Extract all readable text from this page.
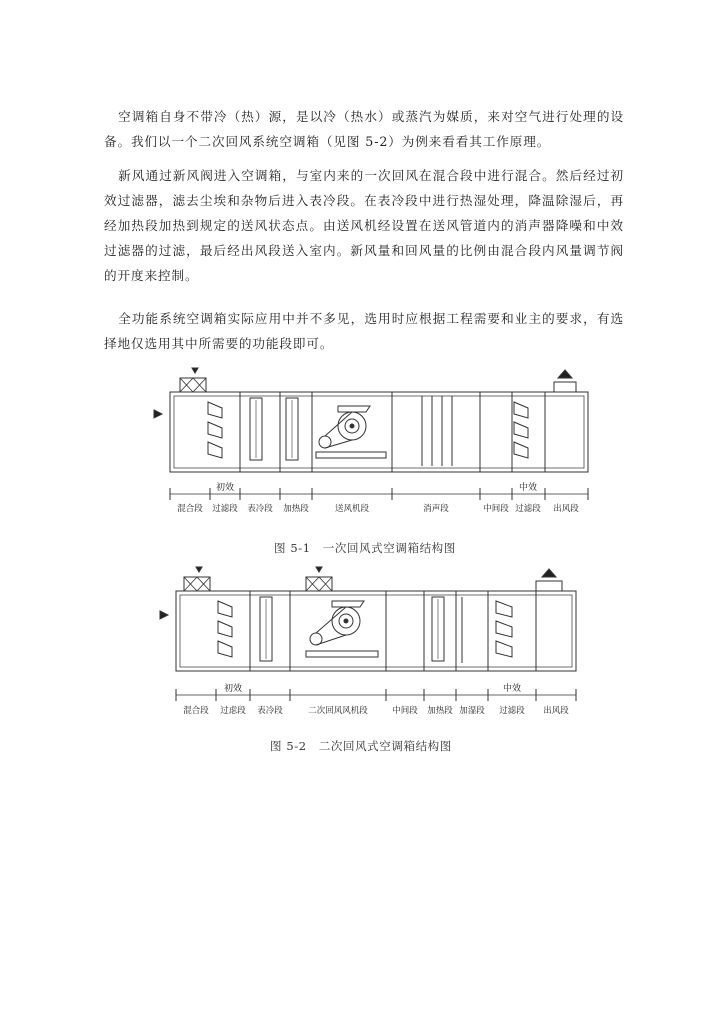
空调箱自身不带冷（热）源，是以冷（热水）或蒸汽为媒质，来对空气进行处理的设备。我们以一个二次回风系统空调箱（见图 5-2）为例来看看其工作原理。
新风通过新风阀进入空调箱，与室内来的一次回风在混合段中进行混合。然后经过初效过滤器，滤去尘埃和杂物后进入表冷段。在表冷段中进行热湿处理，降温除湿后，再经加热段加热到规定的送风状态点。由送风机经设置在送风管道内的消声器降噪和中效过滤器的过滤，最后经出风段送入室内。新风量和回风量的比例由混合段内风量调节阀的开度来控制。
全功能系统空调箱实际应用中并不多见，选用时应根据工程需要和业主的要求，有选择地仅选用其中所需要的功能段即可。
初效	中效
混合段 过滤段 表冷段 加热段	送风机段	消声段	中间段 过滤段 出风段
图 5-1　一次回风式空调箱结构图
初效	中效
混合段 过虑段 表冷段	二次回风风机段	中间段 加热段 加湿段 过滤段 出风段
图 5-2　二次回风式空调箱结构图
